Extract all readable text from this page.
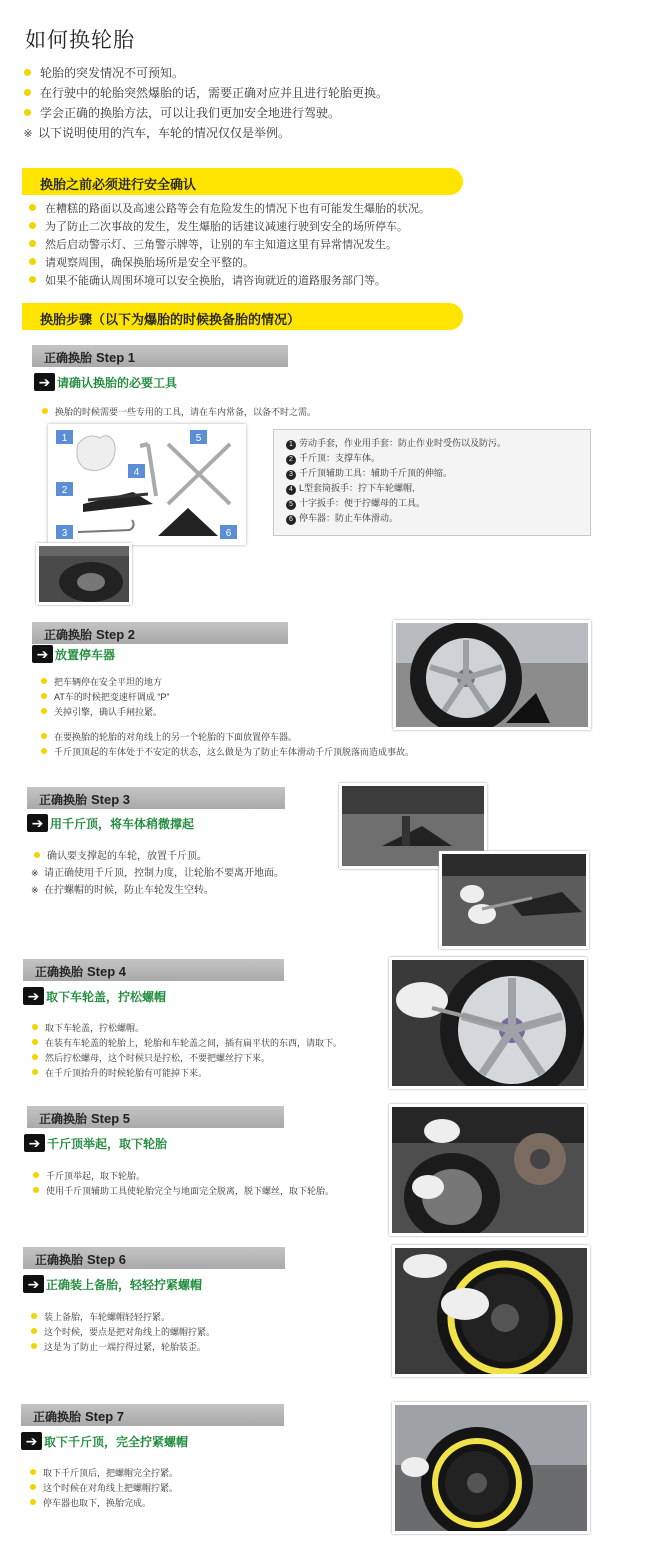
如何换轮胎
轮胎的突发情况不可预知。
在行驶中的轮胎突然爆胎的话，需要正确对应并且进行轮胎更换。
学会正确的换胎方法，可以让我们更加安全地进行驾驶。
※ 以下说明使用的汽车，车轮的情况仅仅是举例。
换胎之前必须进行安全确认
在糟糕的路面以及高速公路等会有危险发生的情况下也有可能发生爆胎的状况。
为了防止二次事故的发生，发生爆胎的话建议减速行驶到安全的场所停车。
然后启动警示灯、三角警示牌等，让别的车主知道这里有异常情况发生。
请观察周围，确保换胎场所是安全平整的。
如果不能确认周围环境可以安全换胎，请咨询就近的道路服务部门等。
换胎步骤（以下为爆胎的时候换备胎的情况）
正确换胎 Step 1
➔ 请确认换胎的必要工具
换胎的时候需要一些专用的工具，请在车内常备，以备不时之需。
1
2
3
4
5
6
1 劳动手套，作业用手套：防止作业时受伤以及防污。
2 千斤顶：支撑车体。
3 千斤顶辅助工具：辅助千斤顶的伸缩。
4 L型套筒扳手：拧下车轮螺帽,
5 十字扳手：便于拧螺母的工具。
6 停车器：防止车体滑动。
正确换胎 Step 2
➔ 放置停车器
把车辆停在安全平坦的地方
AT车的时候把变速杆调成 “P”
关掉引擎，确认手闸拉紧。
在要换胎的轮胎的对角线上的另一个轮胎的下面放置停车器。
千斤顶顶起的车体处于不安定的状态，这么做是为了防止车体滑动千斤顶脱落而造成事故。
正确换胎 Step 3
➔ 用千斤顶，将车体稍微撑起
确认要支撑起的车轮，放置千斤顶。
※ 请正确使用千斤顶，控制力度，让轮胎不要离开地面。
※ 在拧螺帽的时候，防止车轮发生空转。
正确换胎 Step 4
➔ 取下车轮盖，拧松螺帽
取下车轮盖，拧松螺帽。
在装有车轮盖的轮胎上，轮胎和车轮盖之间，插有扁平状的东西，请取下。
然后拧松螺母，这个时候只是拧松，不要把螺丝拧下来。
在千斤顶抬升的时候轮胎有可能掉下来。
正确换胎 Step 5
➔ 千斤顶举起，取下轮胎
千斤顶举起，取下轮胎。
使用千斤顶辅助工具使轮胎完全与地面完全脱离，脱下螺丝，取下轮胎。
正确换胎 Step 6
➔ 正确装上备胎，轻轻拧紧螺帽
装上备胎，车轮螺帽轻轻拧紧。
这个时候，要点是把对角线上的螺帽拧紧。
这是为了防止一端拧得过紧，轮胎装歪。
正确换胎 Step 7
➔ 取下千斤顶，完全拧紧螺帽
取下千斤顶后，把螺帽完全拧紧。
这个时候在对角线上把螺帽拧紧。
停车器也取下，换胎完成。
